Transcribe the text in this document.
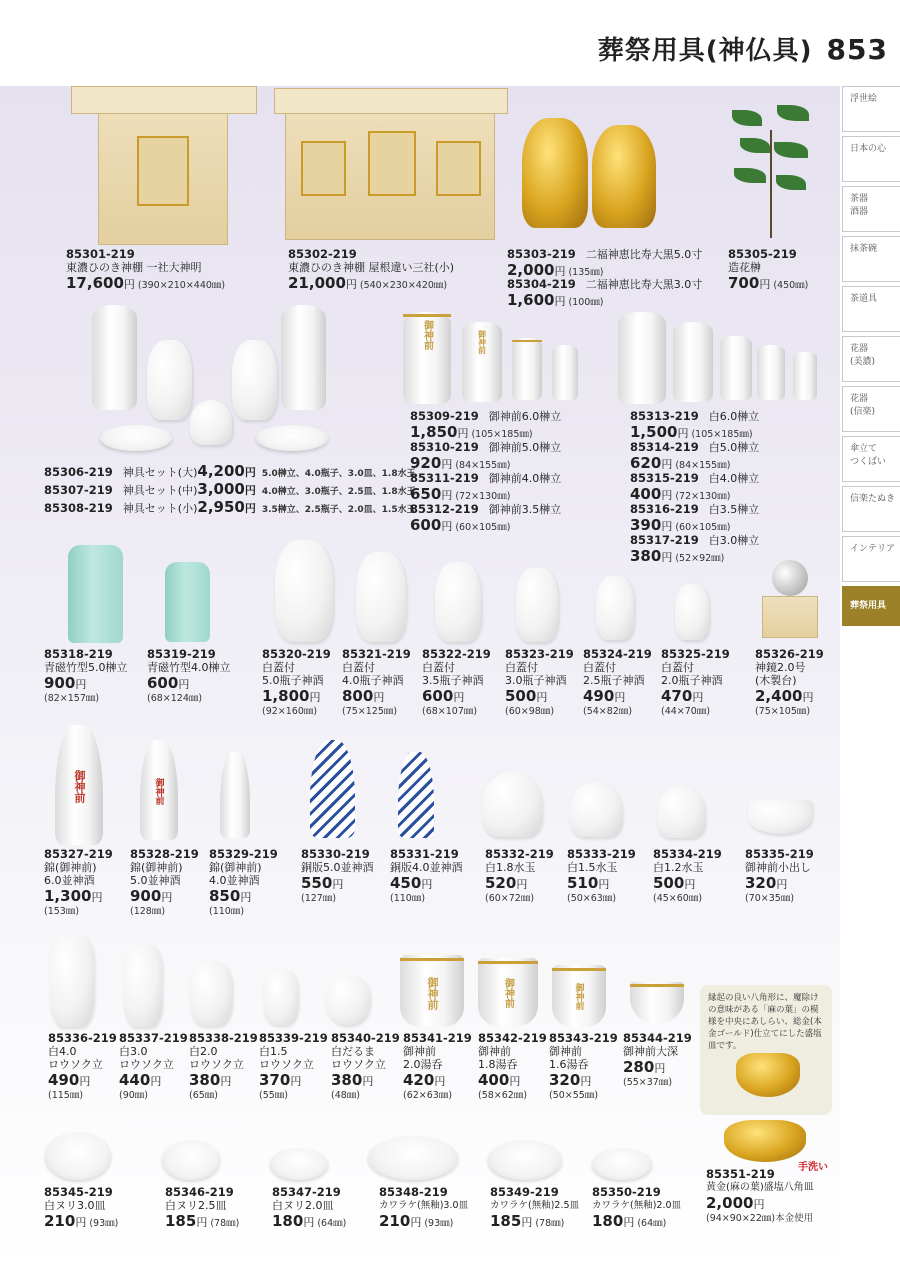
葬祭用具(神仏具) 853
浮世絵
日本の心
茶器
酒器
抹茶碗
茶道具
花器
(美濃)
花器
(信楽)
傘立て
つくばい
信楽たぬき
インテリア
葬祭用具
御神前	御神前
御神前	御神前
御神前	御神前	御神前	縁起の良い八角形に、魔除けの意味がある「麻の葉」の模様を中央にあしらい、総金(本金ゴールド)仕立てにした盛塩皿です。
手洗い
85301-219
東濃ひのき神棚 一社大神明
17,600円 (390×210×440㎜)
85302-219
東濃ひのき神棚 屋根違い三社(小)
21,000円 (540×230×420㎜)
85303-219 二福神恵比寿大黒5.0寸
2,000円 (135㎜)
85304-219 二福神恵比寿大黒3.0寸
1,600円 (100㎜)
85305-219
造花榊
700円 (450㎜)
85306-219 神具セット(大)4,200円 5.0榊立、4.0瓶子、3.0皿、1.8水玉
85307-219 神具セット(中)3,000円 4.0榊立、3.0瓶子、2.5皿、1.8水玉
85308-219 神具セット(小)2,950円 3.5榊立、2.5瓶子、2.0皿、1.5水玉
85309-219 御神前6.0榊立
1,850円 (105×185㎜)
85310-219 御神前5.0榊立
920円 (84×155㎜)
85311-219 御神前4.0榊立
650円 (72×130㎜)
85312-219 御神前3.5榊立
600円 (60×105㎜)
85313-219 白6.0榊立
1,500円 (105×185㎜)
85314-219 白5.0榊立
620円 (84×155㎜)
85315-219 白4.0榊立
400円 (72×130㎜)
85316-219 白3.5榊立
390円 (60×105㎜)
85317-219 白3.0榊立
380円 (52×92㎜)
85318-219
青磁竹型5.0榊立
900円
(82×157㎜)
85319-219
青磁竹型4.0榊立
600円
(68×124㎜)
85320-219
白蓋付
5.0瓶子神酒
1,800円
(92×160㎜)
85321-219
白蓋付
4.0瓶子神酒
800円
(75×125㎜)
85322-219
白蓋付
3.5瓶子神酒
600円
(68×107㎜)
85323-219
白蓋付
3.0瓶子神酒
500円
(60×98㎜)
85324-219
白蓋付
2.5瓶子神酒
490円
(54×82㎜)
85325-219
白蓋付
2.0瓶子神酒
470円
(44×70㎜)
85326-219
神鏡2.0号
(木製台)
2,400円
(75×105㎜)
85327-219
錦(御神前)
6.0並神酒
1,300円
(153㎜)
85328-219
錦(御神前)
5.0並神酒
900円
(128㎜)
85329-219
錦(御神前)
4.0並神酒
850円
(110㎜)
85330-219
銅版5.0並神酒
550円
(127㎜)
85331-219
銅版4.0並神酒
450円
(110㎜)
85332-219
白1.8水玉
520円
(60×72㎜)
85333-219
白1.5水玉
510円
(50×63㎜)
85334-219
白1.2水玉
500円
(45×60㎜)
85335-219
御神前小出し
320円
(70×35㎜)
85336-219
白4.0
ロウソク立
490円
(115㎜)
85337-219
白3.0
ロウソク立
440円
(90㎜)
85338-219
白2.0
ロウソク立
380円
(65㎜)
85339-219
白1.5
ロウソク立
370円
(55㎜)
85340-219
白だるま
ロウソク立
380円
(48㎜)
85341-219
御神前
2.0湯呑
420円
(62×63㎜)
85342-219
御神前
1.8湯呑
400円
(58×62㎜)
85343-219
御神前
1.6湯呑
320円
(50×55㎜)
85344-219
御神前大深
280円
(55×37㎜)
85345-219
白ヌリ3.0皿
210円 (93㎜)
85346-219
白ヌリ2.5皿
185円 (78㎜)
85347-219
白ヌリ2.0皿
180円 (64㎜)
85348-219
カワラケ(無釉)3.0皿
210円 (93㎜)
85349-219
カワラケ(無釉)2.5皿
185円 (78㎜)
85350-219
カワラケ(無釉)2.0皿
180円 (64㎜)
85351-219
黄金(麻の葉)盛塩八角皿
2,000円
(94×90×22㎜)本金使用
